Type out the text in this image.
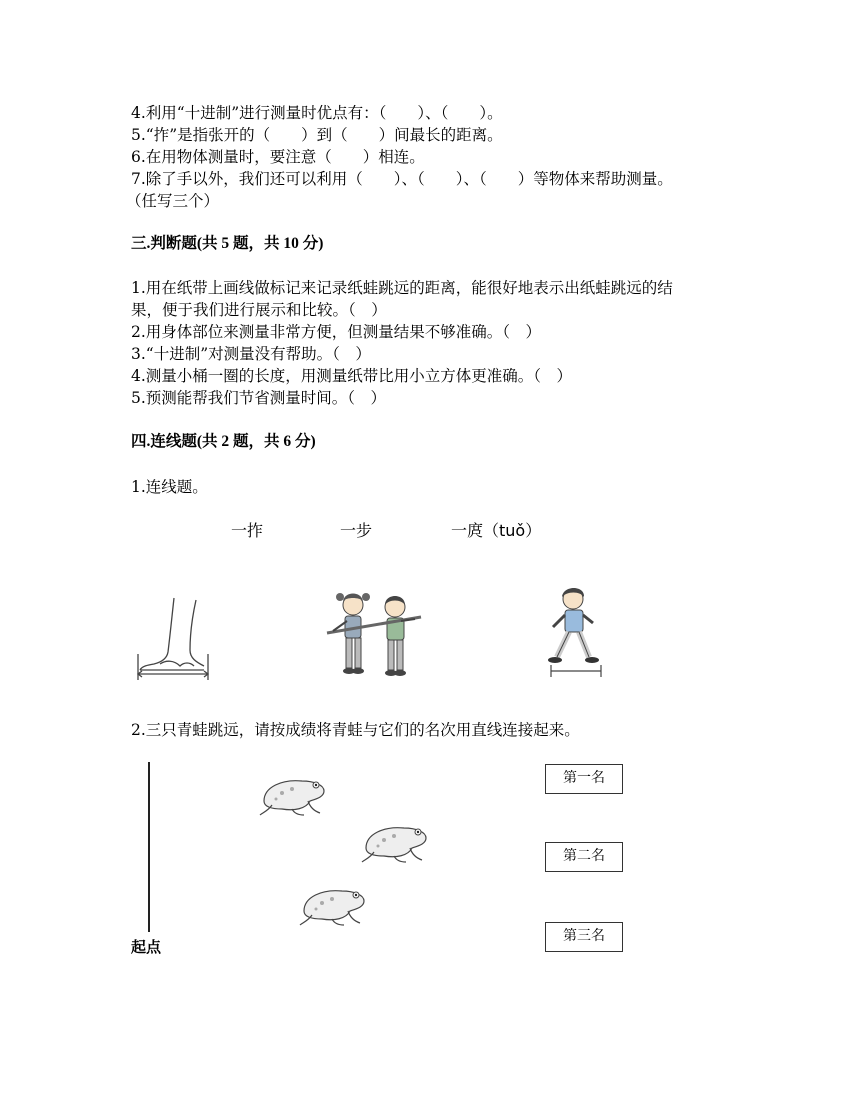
4.利用“十进制”进行测量时优点有：（　　）、（　　）。
5.“拃”是指张开的（　　）到（　　）间最长的距离。
6.在用物体测量时，要注意（　　）相连。
7.除了手以外，我们还可以利用（　　）、（　　）、（　　）等物体来帮助测量。
（任写三个）
三.判断题(共 5 题，共 10 分)
1.用在纸带上画线做标记来记录纸蛙跳远的距离，能很好地表示出纸蛙跳远的结
果，便于我们进行展示和比较。（　）
2.用身体部位来测量非常方便，但测量结果不够准确。（　）
3.“十进制”对测量没有帮助。（　）
4.测量小桶一圈的长度，用测量纸带比用小立方体更准确。（　）
5.预测能帮我们节省测量时间。（　）
四.连线题(共 2 题，共 6 分)
1.连线题。
一拃	一步	一庹（tuǒ）
2.三只青蛙跳远，请按成绩将青蛙与它们的名次用直线连接起来。
起点
第一名
第二名
第三名
